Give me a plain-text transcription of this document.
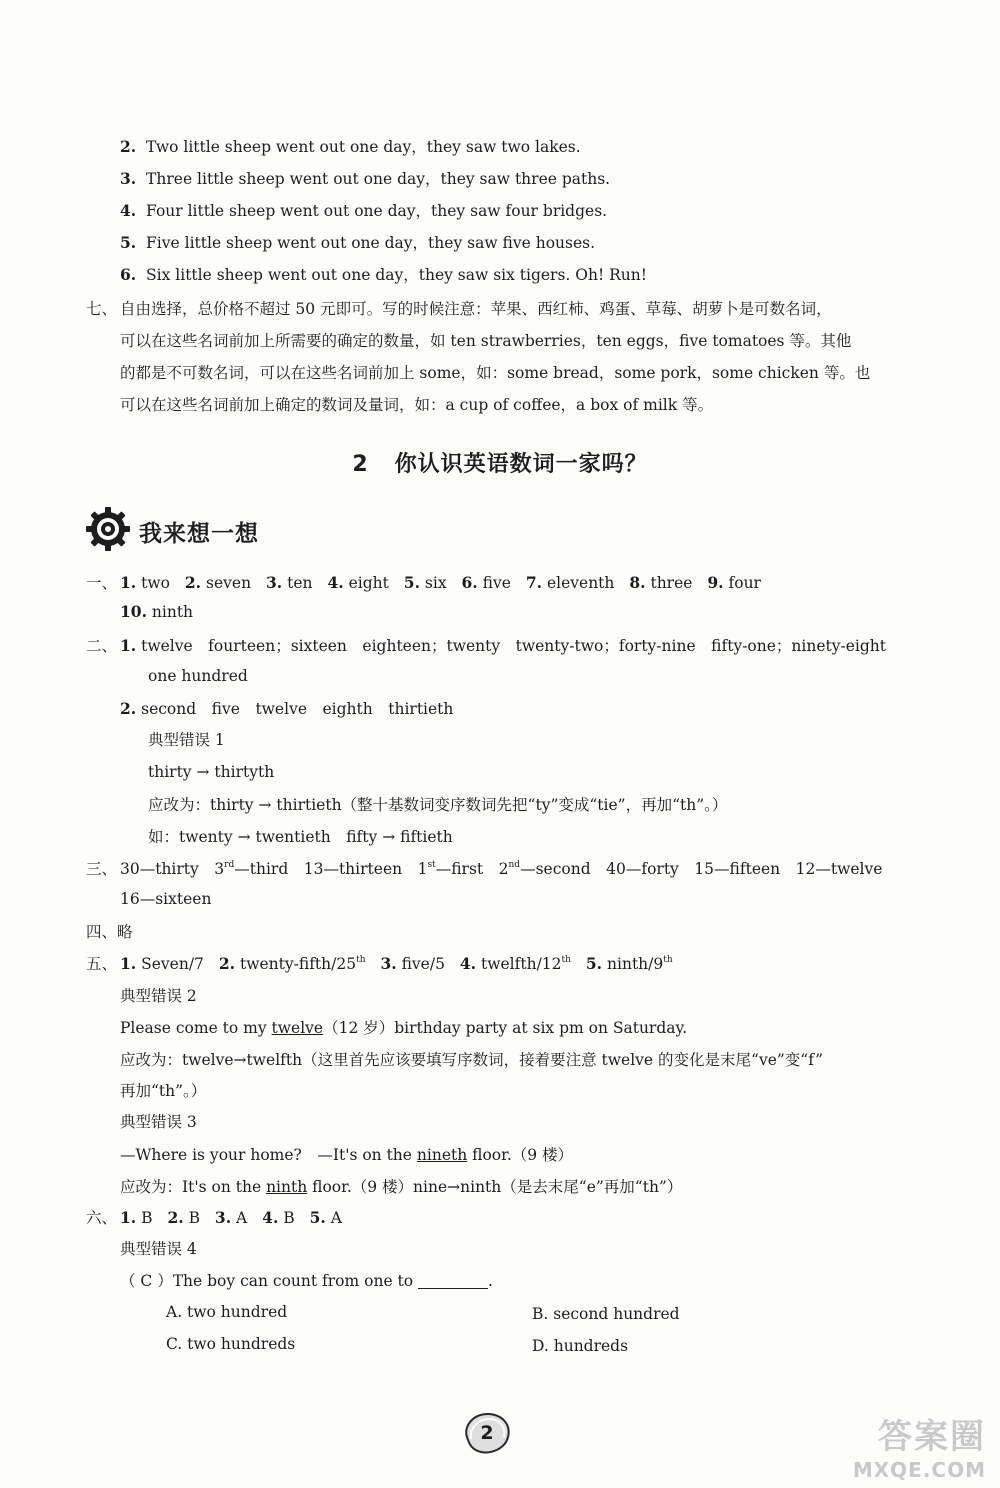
2. Two little sheep went out one day，they saw two lakes.
3. Three little sheep went out one day，they saw three paths.
4. Four little sheep went out one day，they saw four bridges.
5. Five little sheep went out one day，they saw five houses.
6. Six little sheep went out one day，they saw six tigers. Oh! Run!
七、 自由选择，总价格不超过 50 元即可。写的时候注意：苹果、西红柿、鸡蛋、草莓、胡萝卜是可数名词，
可以在这些名词前加上所需要的确定的数量，如 ten strawberries，ten eggs，five tomatoes 等。其他
的都是不可数名词，可以在这些名词前加上 some，如：some bread，some pork，some chicken 等。也
可以在这些名词前加上确定的数词及量词，如：a cup of coffee，a box of milk 等。
2 你认识英语数词一家吗？
我来想一想
一、 1. two 2. seven 3. ten 4. eight 5. six 6. five 7. eleventh 8. three 9. four
10. ninth
二、 1. twelve　fourteen；sixteen　eighteen；twenty　twenty-two；forty-nine　fifty-one；ninety-eight
one hundred
2. second　five　twelve　eighth　thirtieth
典型错误 1
thirty → thirtyth
应改为：thirty → thirtieth（整十基数词变序数词先把“ty”变成“tie”，再加“th”。）
如：twenty → twentieth　fifty → fiftieth
三、 30—thirty　3rd—third　13—thirteen　1st—first　2nd—second　40—forty　15—fifteen　12—twelve
16—sixteen
四、略
五、 1. Seven/7 2. twenty-fifth/25th 3. five/5 4. twelfth/12th 5. ninth/9th
典型错误 2
Please come to my twelve（12 岁）birthday party at six pm on Saturday.
应改为：twelve→twelfth（这里首先应该要填写序数词，接着要注意 twelve 的变化是末尾“ve”变“f”
再加“th”。）
典型错误 3
—Where is your home?　—It's on the nineth floor.（9 楼）
应改为：It's on the ninth floor.（9 楼）nine→ninth（是去末尾“e”再加“th”）
六、 1. B 2. B 3. A 4. B 5. A
典型错误 4
（ C ）The boy can count from one to	.
A. two hundred	B. second hundred
C. two hundreds	D. hundreds
2	答案圈
MXQE.COM
